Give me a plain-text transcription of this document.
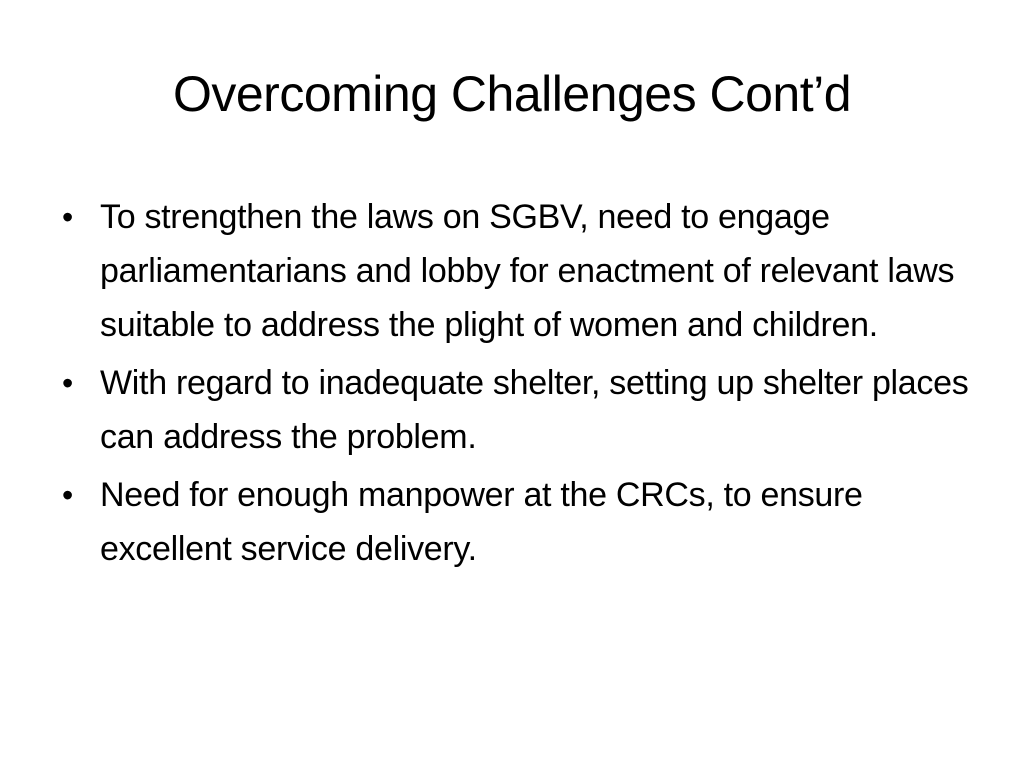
Overcoming Challenges Cont’d
• To strengthen the laws on SGBV, need to engage parliamentarians and lobby for enactment of relevant laws suitable to address the plight of women and children.
• With regard to inadequate shelter, setting up shelter places can address the problem.
• Need for enough manpower at the CRCs, to ensure excellent service delivery.
